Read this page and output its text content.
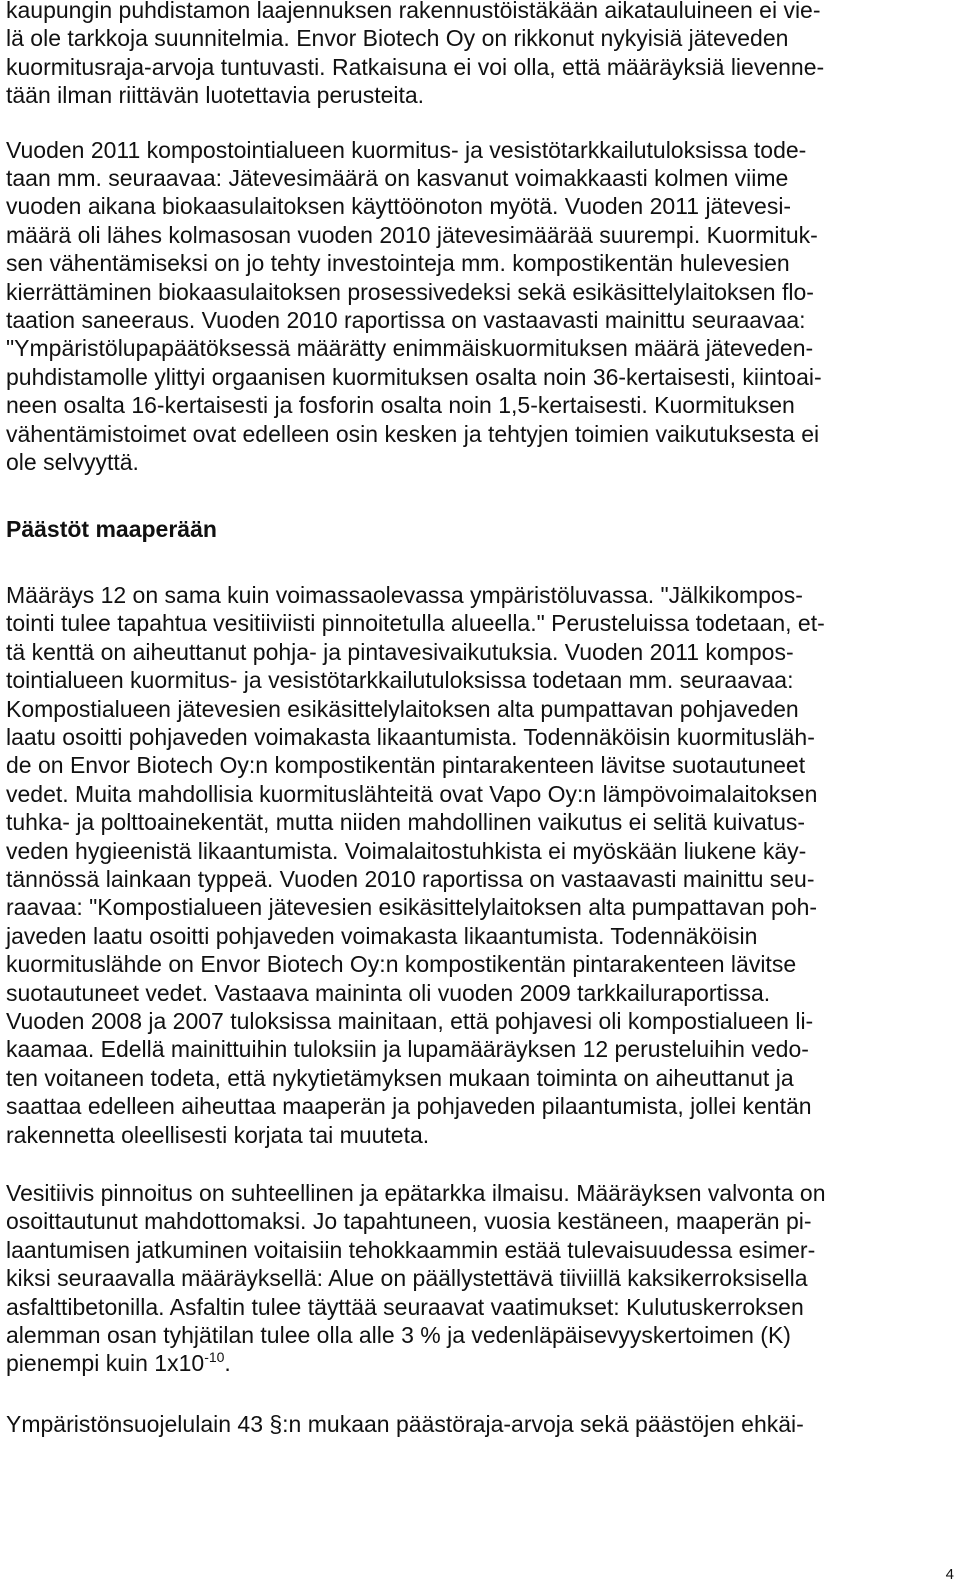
kaupungin puhdistamon laajennuksen rakennustöistäkään aikatauluineen ei vie-
lä ole tarkkoja suunnitelmia. Envor Biotech Oy on rikkonut nykyisiä jäteveden
kuormitusraja-arvoja tuntuvasti. Ratkaisuna ei voi olla, että määräyksiä lievenne-
tään ilman riittävän luotettavia perusteita.
Vuoden 2011 kompostointialueen kuormitus- ja vesistötarkkailutuloksissa tode-
taan mm. seuraavaa: Jätevesimäärä on kasvanut voimakkaasti kolmen viime
vuoden aikana biokaasulaitoksen käyttöönoton myötä. Vuoden 2011 jätevesi-
määrä oli lähes kolmasosan vuoden 2010 jätevesimäärää suurempi. Kuormituk-
sen vähentämiseksi on jo tehty investointeja mm. kompostikentän hulevesien
kierrättäminen biokaasulaitoksen prosessivedeksi sekä esikäsittelylaitoksen flo-
taation saneeraus. Vuoden 2010 raportissa on vastaavasti mainittu seuraavaa:
"Ympäristölupapäätöksessä määrätty enimmäiskuormituksen määrä jäteveden-
puhdistamolle ylittyi orgaanisen kuormituksen osalta noin 36-kertaisesti, kiintoai-
neen osalta 16-kertaisesti ja fosforin osalta noin 1,5-kertaisesti. Kuormituksen
vähentämistoimet ovat edelleen osin kesken ja tehtyjen toimien vaikutuksesta ei
ole selvyyttä.
Päästöt maaperään
Määräys 12 on sama kuin voimassaolevassa ympäristöluvassa. "Jälkikompos-
tointi tulee tapahtua vesitiiviisti pinnoitetulla alueella." Perusteluissa todetaan, et-
tä kenttä on aiheuttanut pohja- ja pintavesivaikutuksia. Vuoden 2011 kompos-
tointialueen kuormitus- ja vesistötarkkailutuloksissa todetaan mm. seuraavaa:
Kompostialueen jätevesien esikäsittelylaitoksen alta pumpattavan pohjaveden
laatu osoitti pohjaveden voimakasta likaantumista. Todennäköisin kuormitusläh-
de on Envor Biotech Oy:n kompostikentän pintarakenteen lävitse suotautuneet
vedet. Muita mahdollisia kuormituslähteitä ovat Vapo Oy:n lämpövoimalaitoksen
tuhka- ja polttoainekentät, mutta niiden mahdollinen vaikutus ei selitä kuivatus-
veden hygieenistä likaantumista. Voimalaitostuhkista ei myöskään liukene käy-
tännössä lainkaan typpeä. Vuoden 2010 raportissa on vastaavasti mainittu seu-
raavaa: "Kompostialueen jätevesien esikäsittelylaitoksen alta pumpattavan poh-
javeden laatu osoitti pohjaveden voimakasta likaantumista. Todennäköisin
kuormituslähde on Envor Biotech Oy:n kompostikentän pintarakenteen lävitse
suotautuneet vedet. Vastaava maininta oli vuoden 2009 tarkkailuraportissa.
Vuoden 2008 ja 2007 tuloksissa mainitaan, että pohjavesi oli kompostialueen li-
kaamaa. Edellä mainittuihin tuloksiin ja lupamääräyksen 12 perusteluihin vedo-
ten voitaneen todeta, että nykytietämyksen mukaan toiminta on aiheuttanut ja
saattaa edelleen aiheuttaa maaperän ja pohjaveden pilaantumista, jollei kentän
rakennetta oleellisesti korjata tai muuteta.
Vesitiivis pinnoitus on suhteellinen ja epätarkka ilmaisu. Määräyksen valvonta on
osoittautunut mahdottomaksi. Jo tapahtuneen, vuosia kestäneen, maaperän pi-
laantumisen jatkuminen voitaisiin tehokkaammin estää tulevaisuudessa esimer-
kiksi seuraavalla määräyksellä: Alue on päällystettävä tiiviillä kaksikerroksisella
asfalttibetonilla. Asfaltin tulee täyttää seuraavat vaatimukset: Kulutuskerroksen
alemman osan tyhjätilan tulee olla alle 3 % ja vedenläpäisevyyskertoimen (K)
pienempi kuin $1x10^{-10}$.
Ympäristönsuojelulain 43 §:n mukaan päästöraja-arvoja sekä päästöjen ehkäi-
4
